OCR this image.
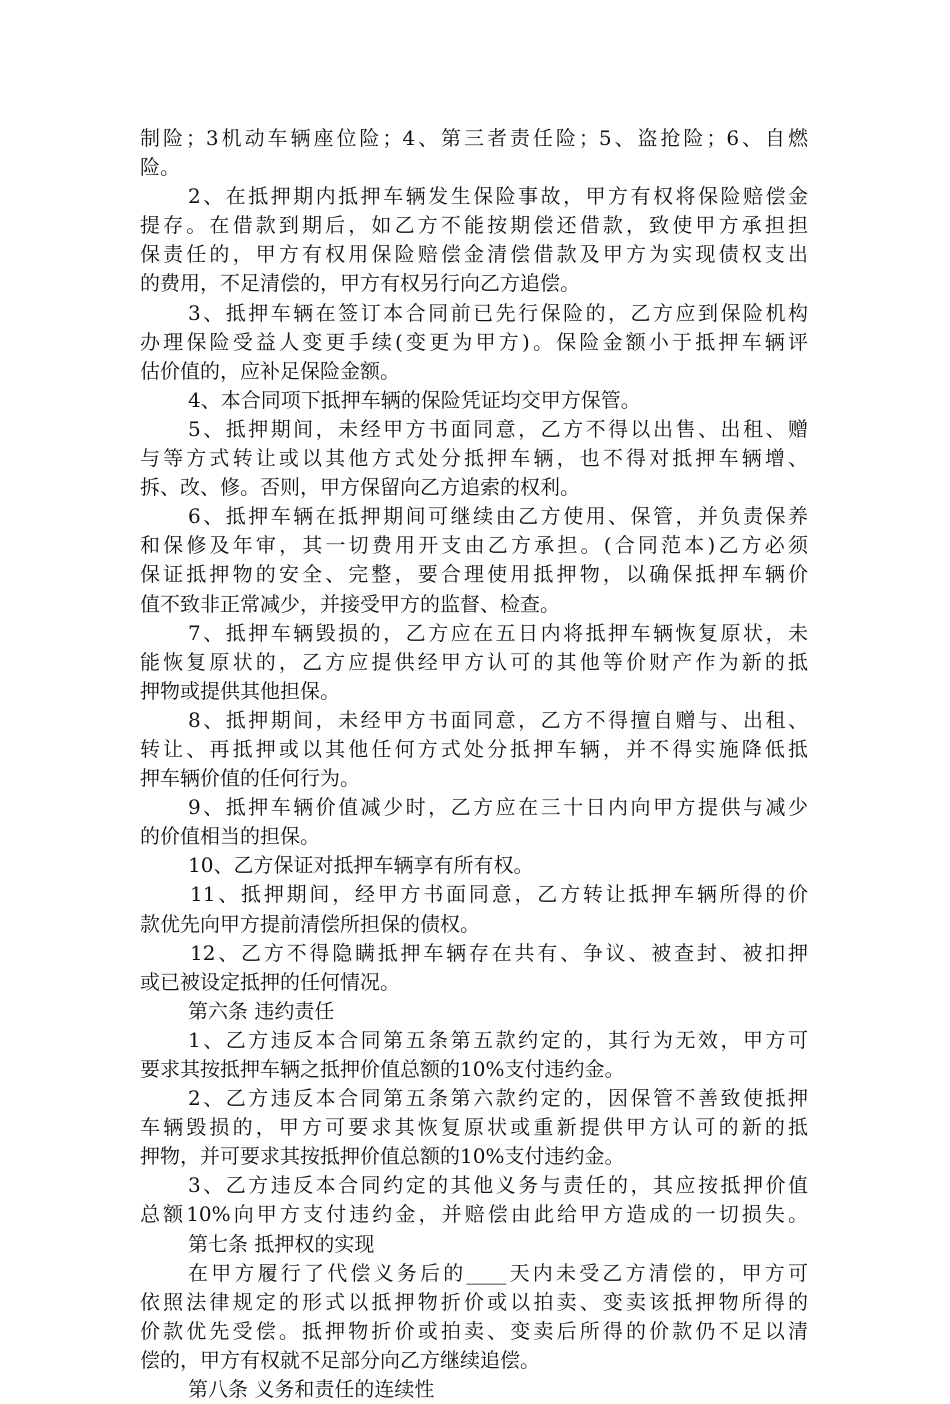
制险；3机动车辆座位险；4、第三者责任险；5、盗抢险；6、自燃
险。
2、在抵押期内抵押车辆发生保险事故，甲方有权将保险赔偿金
提存。在借款到期后，如乙方不能按期偿还借款，致使甲方承担担
保责任的，甲方有权用保险赔偿金清偿借款及甲方为实现债权支出
的费用，不足清偿的，甲方有权另行向乙方追偿。
3、抵押车辆在签订本合同前已先行保险的，乙方应到保险机构
办理保险受益人变更手续(变更为甲方)。保险金额小于抵押车辆评
估价值的，应补足保险金额。
4、本合同项下抵押车辆的保险凭证均交甲方保管。
5、抵押期间，未经甲方书面同意，乙方不得以出售、出租、赠
与等方式转让或以其他方式处分抵押车辆，也不得对抵押车辆增、
拆、改、修。否则，甲方保留向乙方追索的权利。
6、抵押车辆在抵押期间可继续由乙方使用、保管，并负责保养
和保修及年审，其一切费用开支由乙方承担。(合同范本)乙方必须
保证抵押物的安全、完整，要合理使用抵押物，以确保抵押车辆价
值不致非正常减少，并接受甲方的监督、检查。
7、抵押车辆毁损的，乙方应在五日内将抵押车辆恢复原状，未
能恢复原状的，乙方应提供经甲方认可的其他等价财产作为新的抵
押物或提供其他担保。
8、抵押期间，未经甲方书面同意，乙方不得擅自赠与、出租、
转让、再抵押或以其他任何方式处分抵押车辆，并不得实施降低抵
押车辆价值的任何行为。
9、抵押车辆价值减少时，乙方应在三十日内向甲方提供与减少
的价值相当的担保。
10、乙方保证对抵押车辆享有所有权。
11、抵押期间，经甲方书面同意，乙方转让抵押车辆所得的价
款优先向甲方提前清偿所担保的债权。
12、乙方不得隐瞒抵押车辆存在共有、争议、被查封、被扣押
或已被设定抵押的任何情况。
第六条 违约责任
1、乙方违反本合同第五条第五款约定的，其行为无效，甲方可
要求其按抵押车辆之抵押价值总额的10%支付违约金。
2、乙方违反本合同第五条第六款约定的，因保管不善致使抵押
车辆毁损的，甲方可要求其恢复原状或重新提供甲方认可的新的抵
押物，并可要求其按抵押价值总额的10%支付违约金。
3、乙方违反本合同约定的其他义务与责任的，其应按抵押价值
总额10%向甲方支付违约金，并赔偿由此给甲方造成的一切损失。
第七条 抵押权的实现
在甲方履行了代偿义务后的____天内未受乙方清偿的，甲方可
依照法律规定的形式以抵押物折价或以拍卖、变卖该抵押物所得的
价款优先受偿。抵押物折价或拍卖、变卖后所得的价款仍不足以清
偿的，甲方有权就不足部分向乙方继续追偿。
第八条 义务和责任的连续性
